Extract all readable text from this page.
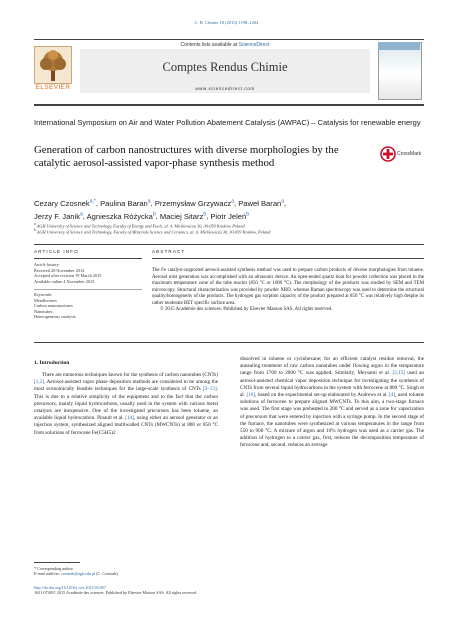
C. R. Chimie 18 (2015) 1198–1204
ELSEVIER
Contents lists available at ScienceDirect
Comptes Rendus Chimie
www.sciencedirect.com
International Symposium on Air and Water Pollution Abatement Catalysis (AWPAC) – Catalysis for renewable energy
Generation of carbon nanostructures with diverse morphologies by the catalytic aerosol-assisted vapor-phase synthesis method
CrossMark
Cezary Czosnek$^{a,*}$, Paulina Baran$^a$, Przemysław Grzywacz$^a$, Paweł Baran$^a$,
Jerzy F. Janik$^a$, Agnieszka Różycka$^b$, Maciej Sitarz$^b$, Piotr Jeleń$^b$
$^a$ AGH University of Science and Technology, Faculty of Energy and Fuels, al. A. Mickiewicza 30, 30-059 Kraków, Poland
$^b$ AGH University of Science and Technology, Faculty of Materials Science and Ceramics, al. A. Mickiewicza 30, 30-059 Kraków, Poland
ARTICLE INFO
Article history:
Received 28 November 2014
Accepted after revision 19 March 2015
Available online 4 November 2015
Keywords:
Metallocenes
Carbon nanostructures
Nanotubes
Heterogeneous catalysis
ABSTRACT

The Fe catalyst-supported aerosol-assisted synthesis method was used to prepare carbon products of diverse morphologies from toluene. Aerosol mist generation was accomplished with an ultrasonic device. An open-ended quartz boat for powder collection was placed in the maximum temperature zone of the tube reactor (850 °C or 1000 °C). The morphology of the products was studied by SEM and TEM microscopy. Structural characterization was provided by powder XRD, whereas Raman spectroscopy was used to determine the structural quality/homogeneity of the products. The hydrogen gas sorption capacity of the product prepared at 850 °C was relatively high despite its rather moderate BET specific surface area.

© 2015 Académie des sciences. Published by Elsevier Masson SAS. All rights reserved.

1. Introduction

There are numerous techniques known for the synthesis of carbon nanotubes (CNTs) [1,2]. Aerosol-assisted vapor phase deposition methods are considered to be among the most economically feasible techniques for the large-scale synthesis of CNTs [3–13]. This is due to a relative simplicity of the equipment and to the fact that the carbon precursors, mainly liquid hydrocarbons, usually used in the system with various metal catalysts are inexpensive. One of the investigated precursors has been toluene, an available liquid hydrocarbon. Pinault et al. [14], using either an aerosol generator or an injection system, synthesized aligned multiwalled CNTs (MWCNTs) at 800 or 850 °C from solutions of ferrocene Fe(C5H5)2

dissolved in toluene or cyclohexane; for an efficient catalyst residue removal, the annealing treatment of raw carbon nanotubes under flowing argon in the temperature range from 1700 to 2000 °C was applied. Similarly, Meysami et al. [3,15] used an aerosol-assisted chemical vapor deposition technique for investigating the synthesis of CNTs from several liquid hydrocarbons in the system with ferrocene at 800 °C. Singh et al. [16], based on the experimental set-up elaborated by Andrews et al. [4], used toluene solutions of ferrocene to prepare aligned MWCNTs. To this aim, a two-stage furnace was used. The first stage was preheated to 200 °C and served as a zone for vaporization of precursors that were entered by injection with a syringe pump. In the second stage of the furnace, the nanotubes were synthesized at various temperatures in the range from 550 to 900 °C. A mixture of argon and 10% hydrogen was used as a carrier gas. The addition of hydrogen to a carrier gas, first, reduces the decomposition temperature of ferrocene and, second, reduces an average

* Corresponding author.
E-mail address: czosnek@agh.edu.pl (C. Czosnek).
http://dx.doi.org/10.1016/j.crci.2015.03.007
1631-0748/© 2015 Académie des sciences. Published by Elsevier Masson SAS. All rights reserved.
